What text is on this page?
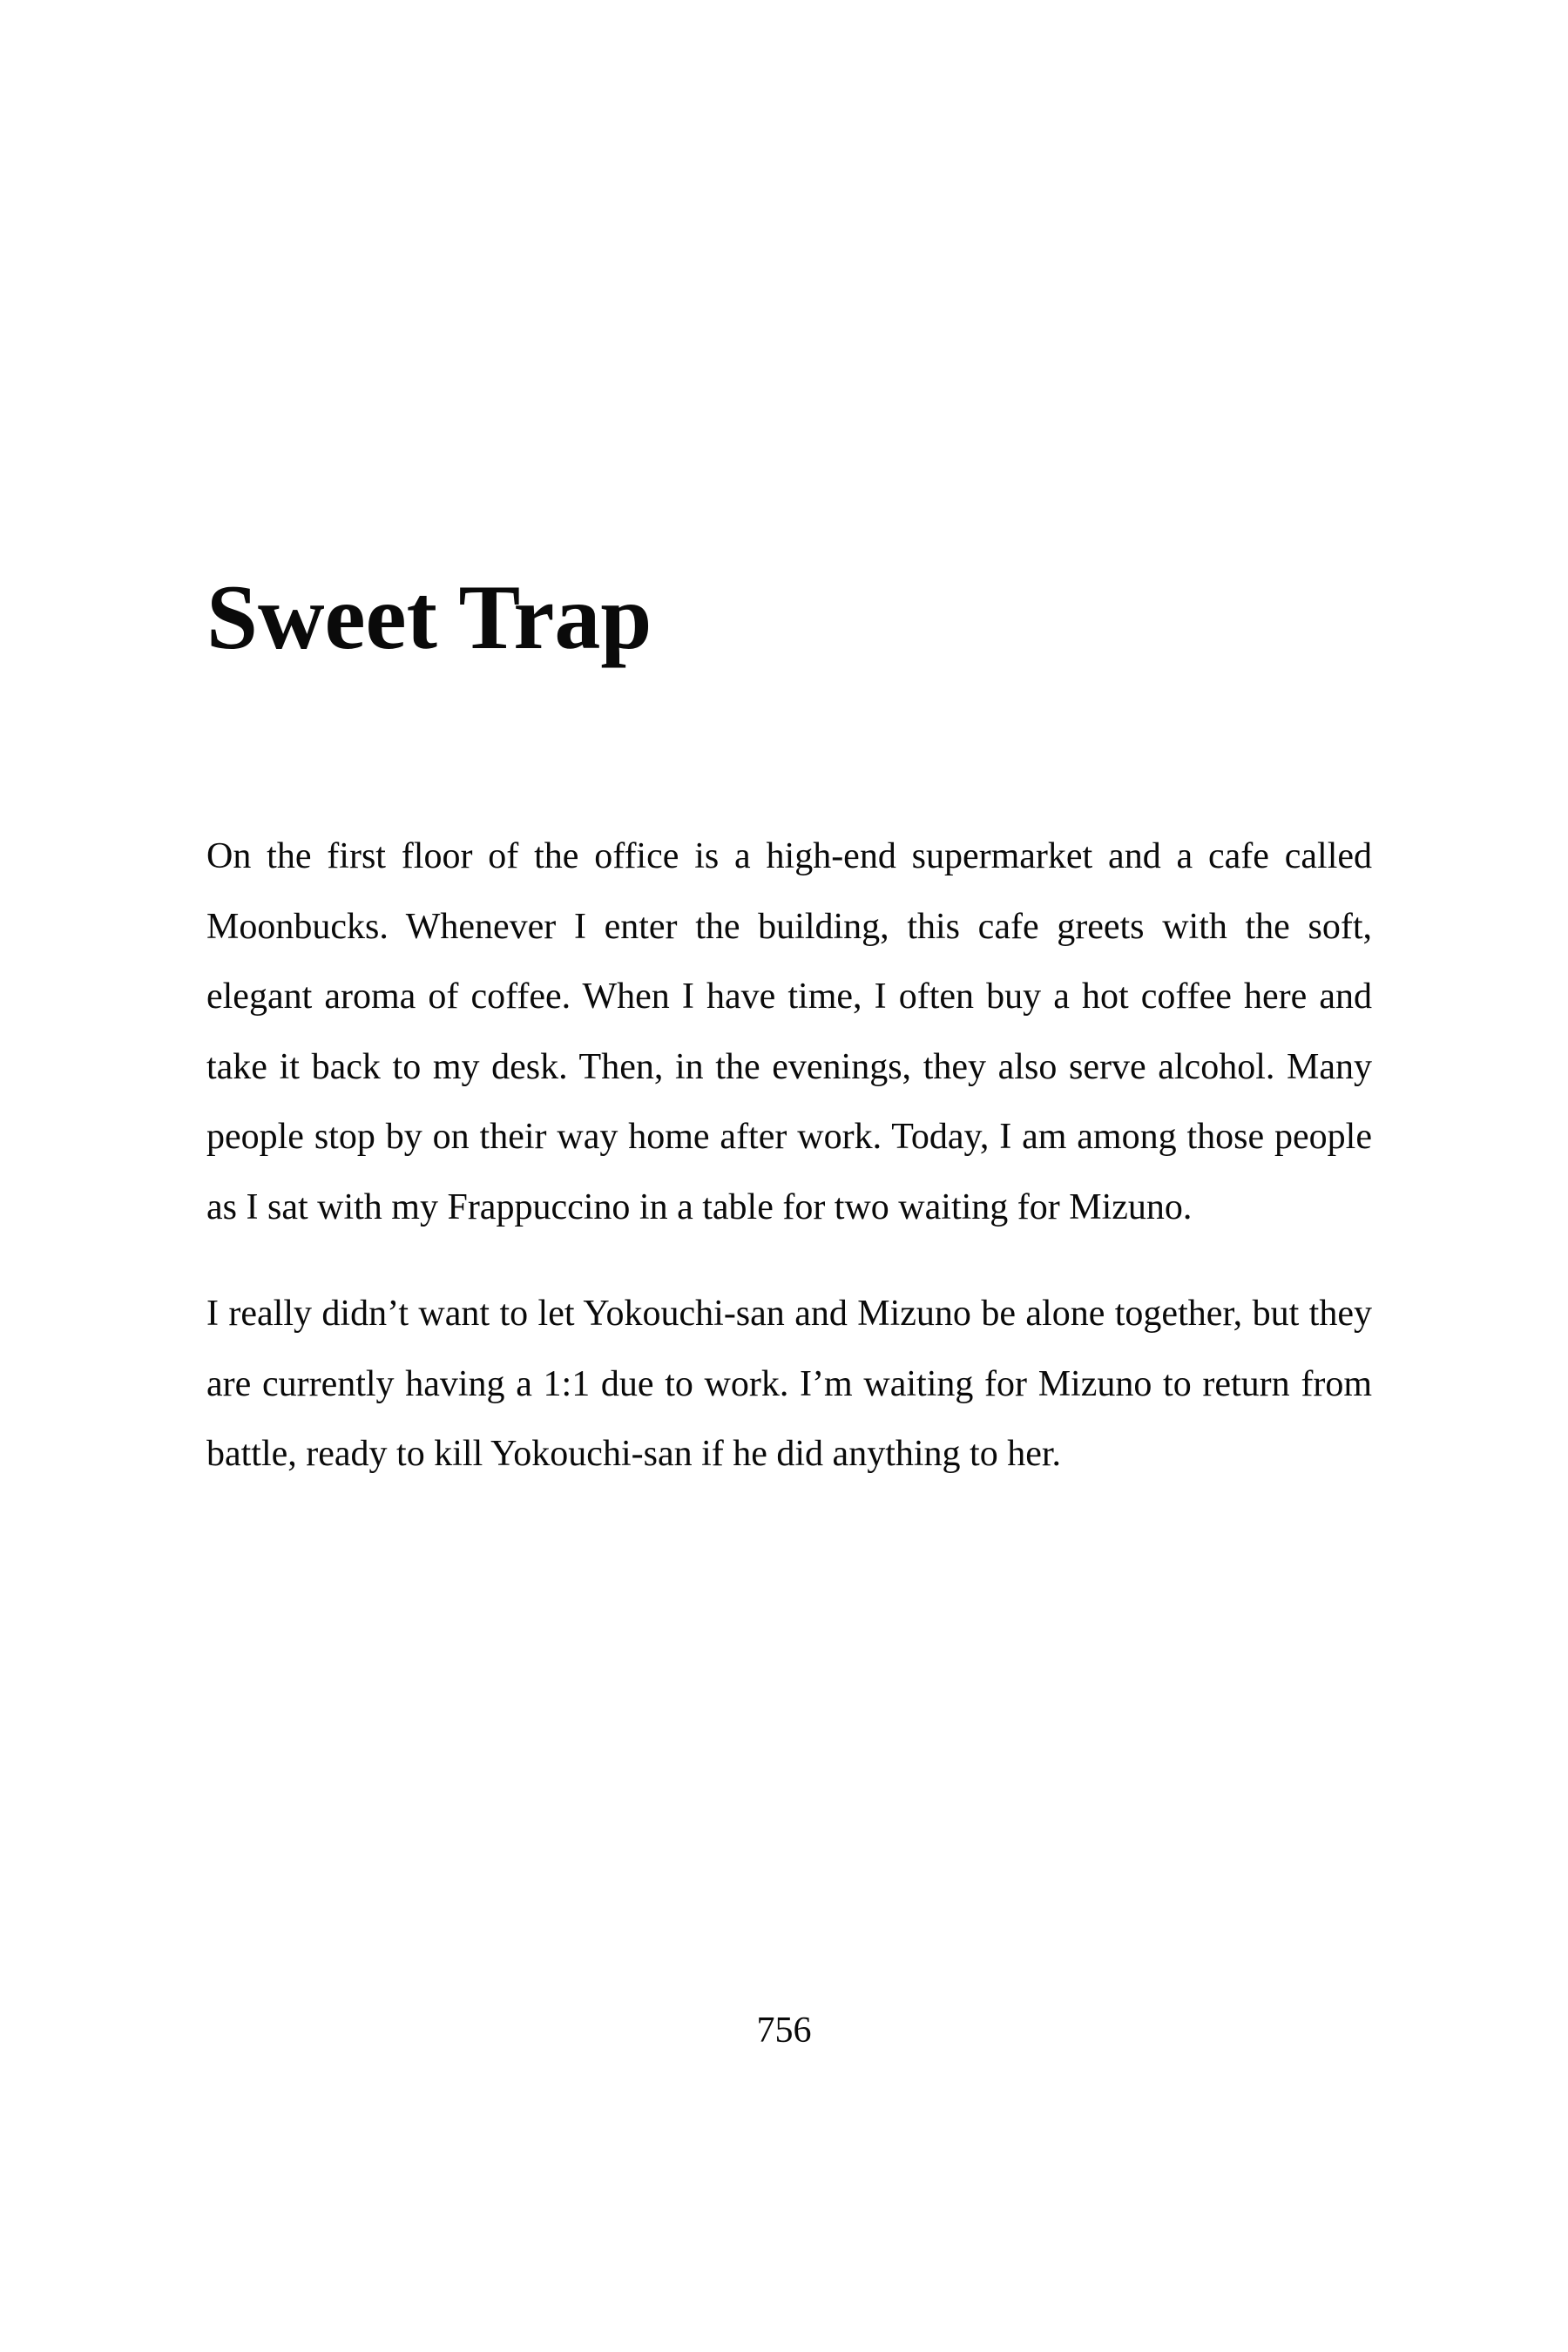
Sweet Trap

On the first floor of the office is a high-end supermarket and a cafe called Moonbucks. Whenever I enter the building, this cafe greets with the soft, elegant aroma of coffee. When I have time, I often buy a hot coffee here and take it back to my desk. Then, in the evenings, they also serve alcohol. Many people stop by on their way home after work. Today, I am among those people as I sat with my Frappuccino in a table for two waiting for Mizuno.

I really didn’t want to let Yokouchi-san and Mizuno be alone together, but they are currently having a 1:1 due to work. I’m waiting for Mizuno to return from battle, ready to kill Yokouchi-san if he did anything to her.

756
